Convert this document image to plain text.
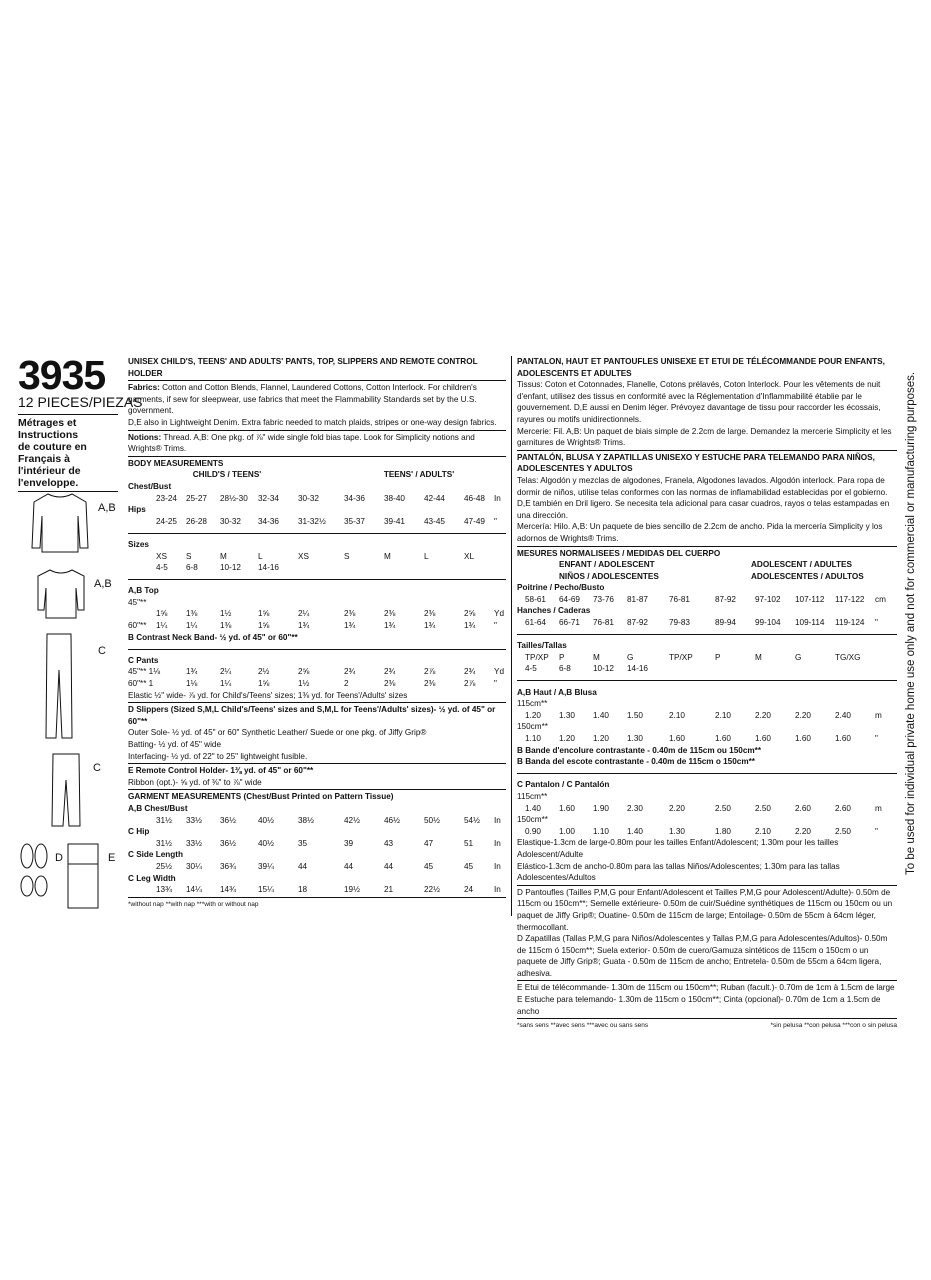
3935
12 PIECES/PIEZAS
Métrages et Instructions
de couture en Français à
l'intérieur de
l'enveloppe.
A,B
A,B
C
C
D	E
UNISEX CHILD'S, TEENS' AND ADULTS' PANTS, TOP, SLIPPERS AND REMOTE CONTROL HOLDER
Fabrics: Cotton and Cotton Blends, Flannel, Laundered Cottons, Cotton Interlock. For children's garments, if sew for sleepwear, use fabrics that meet the Flammability Standards set by the U.S. government.
D,E also in Lightweight Denim. Extra fabric needed to match plaids, stripes or one-way design fabrics.
Notions: Thread. A,B: One pkg. of ⅞" wide single fold bias tape. Look for Simplicity notions and Wrights® Trims.
BODY MEASUREMENTS										
	CHILD'S / TEENS'					TEENS' / ADULTS'				
Chest/Bust										
	23-24	25-27	28½-30	32-34	30-32	34-36	38-40	42-44	46-48	In
Hips										
	24-25	26-28	30-32	34-36	31-32½	35-37	39-41	43-45	47-49	"

Sizes										
	XS	S	M	L	XS	S	M	L	XL	
	4-5	6-8	10-12	14-16						

A,B Top										
45"**										
	1⅝	1⅜	1½	1⅝	2¼	2⅜	2⅜	2⅜	2⅝	Yd
60"**	1¼	1¼	1⅜	1⅝	1¾	1¾	1¾	1¾	1¾	"
B Contrast Neck Band- ½ yd. of 45" or 60"**										

C Pants										
45"** 1⅛		1¾	2¼	2½	2⅝	2¾	2¾	2⅞	2¾	Yd
60"** 1		1⅛	1¼	1⅝	1½	2	2⅜	2⅜	2⅞	"
Elastic ½" wide- ⅞ yd. for Child's/Teens' sizes; 1⅜ yd. for Teens'/Adults' sizes										
D Slippers (Sized S,M,L Child's/Teens' sizes and S,M,L for Teens'/Adults' sizes)- ½ yd. of 45" or 60"**
Outer Sole- ½ yd. of 45" or 60" Synthetic Leather/ Suede or one pkg. of Jiffy Grip®
Batting- ½ yd. of 45" wide
Interfacing- ½ yd. of 22" to 25" lightweight fusible.
E Remote Control Holder- 1⅜ yd. of 45" or 60"**
Ribbon (opt.)- ⅝ yd. of ⅜" to ⅞" wide
GARMENT MEASUREMENTS (Chest/Bust Printed on Pattern Tissue)										
A,B Chest/Bust										
	31½	33½	36½	40½	38½	42½	46½	50½	54½	In
C Hip										
	31½	33½	36½	40½	35	39	43	47	51	In
C Side Length										
	25½	30¼	36¾	39¼	44	44	44	45	45	In
C Leg Width										
	13¾	14¼	14¾	15¼	18	19½	21	22½	24	In
*without nap **with nap ***with or without nap
PANTALON, HAUT ET PANTOUFLES UNISEXE ET ETUI DE TÉLÉCOMMANDE POUR ENFANTS, ADOLESCENTS ET ADULTES
Tissus: Coton et Cotonnades, Flanelle, Cotons prélavés, Coton Interlock. Pour les vêtements de nuit d'enfant, utilisez des tissus en conformité avec la Réglementation d'Inflammabilité établie par le gouvernement. D,E aussi en Denim léger. Prévoyez davantage de tissu pour raccorder les écossais, rayures ou motifs unidirectionnels.
Mercerie: Fil. A,B: Un paquet de biais simple de 2.2cm de large. Demandez la mercerie Simplicity et les garnitures de Wrights® Trims.
PANTALÓN, BLUSA Y ZAPATILLAS UNISEXO Y ESTUCHE PARA TELEMANDO PARA NIÑOS, ADOLESCENTES Y ADULTOS
Telas: Algodón y mezclas de algodones, Franela, Algodones lavados. Algodón interlock. Para ropa de dormir de niños, utilise telas conformes con las normas de inflamabilidad establecidas por el gobierno. D,E también en Dril ligero. Se necesita tela adicional para casar cuadros, rayos o telas estampadas en una dirección.
Mercería: Hilo. A,B: Un paquete de bies sencillo de 2.2cm de ancho. Pida la mercería Simplicity y los adornos de Wrights® Trims.
MESURES NORMALISEES / MEDIDAS DEL CUERPO										
		ENFANT / ADOLESCENT				ADOLESCENT / ADULTES				
		NIÑOS / ADOLESCENTES				ADOLESCENTES / ADULTOS				
Poitrine / Pecho/Busto										
	58-61	64-69	73-76	81-87	76-81	87-92	97-102	107-112	117-122	cm
Hanches / Caderas										
	61-64	66-71	76-81	87-92	79-83	89-94	99-104	109-114	119-124	"

Tailles/Tallas										
	TP/XP	P	M	G	TP/XP	P	M	G	TG/XG	
	4-5	6-8	10-12	14-16						

A,B Haut / A,B Blusa										
115cm**										
	1.20	1.30	1.40	1.50	2.10	2.10	2.20	2.20	2.40	m
150cm**										
	1.10	1.20	1.20	1.30	1.60	1.60	1.60	1.60	1.60	"
B Bande d'encolure contrastante - 0.40m de 115cm ou 150cm**										
B Banda del escote contrastante - 0.40m de 115cm o 150cm**										

C Pantalon / C Pantalón										
115cm**										
	1.40	1.60	1.90	2.30	2.20	2.50	2.50	2.60	2.60	m
150cm**										
	0.90	1.00	1.10	1.40	1.30	1.80	2.10	2.20	2.50	"
Elastique-1.3cm de large-0.80m pour les tailles Enfant/Adolescent; 1.30m pour les tailles Adolescent/Adulte
Elástico-1.3cm de ancho-0.80m para las tallas Niños/Adolescentes; 1.30m para las tallas Adolescentes/Adultos
D Pantoufles (Tailles P,M,G pour Enfant/Adolescent et Tailles P,M,G pour Adolescent/Adulte)- 0.50m de 115cm ou 150cm**; Semelle extérieure- 0.50m de cuir/Suédine synthétiques de 115cm ou 150cm ou un paquet de Jiffy Grip®; Ouatine- 0.50m de 115cm de large; Entoilage- 0.50m de 55cm à 64cm léger, thermocollant.
D Zapatillas (Tallas P,M,G para Niños/Adolescentes y Tallas P,M,G para Adolescentes/Adultos)- 0.50m de 115cm ó 150cm**; Suela exterior- 0.50m de cuero/Gamuza sintéticos de 115cm o 150cm o un paquete de Jiffy Grip®; Guata - 0.50m de 115cm de ancho; Entretela- 0.50m de 55cm a 64cm ligera, adhesiva.
E Etui de télécommande- 1.30m de 115cm ou 150cm**; Ruban (facult.)- 0.70m de 1cm à 1.5cm de large
E Estuche para telemando- 1.30m de 115cm o 150cm**; Cinta (opcional)- 0.70m de 1cm a 1.5cm de ancho
*sans sens **avec sens ***avec ou sans sens	*sin pelusa **con pelusa ***con o sin pelusa
To be used for individual private home use only and not for commercial or manufacturing purposes.
